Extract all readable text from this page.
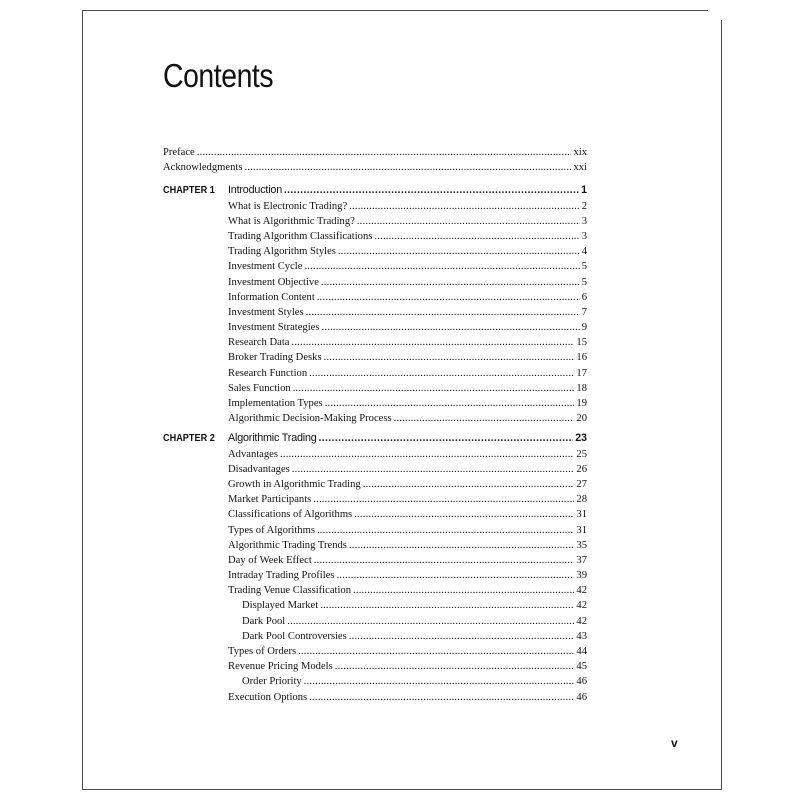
Contents
Preface .....	xix
Acknowledgments .....	xxi
CHAPTER 1	Introduction .....	1
What is Electronic Trading? .....	2
What is Algorithmic Trading? .....	3
Trading Algorithm Classifications .....	3
Trading Algorithm Styles .....	4
Investment Cycle .....	5
Investment Objective .....	5
Information Content .....	6
Investment Styles .....	7
Investment Strategies .....	9
Research Data .....	15
Broker Trading Desks .....	16
Research Function .....	17
Sales Function .....	18
Implementation Types .....	19
Algorithmic Decision-Making Process .....	20
CHAPTER 2	Algorithmic Trading .....	23
Advantages .....	25
Disadvantages .....	26
Growth in Algorithmic Trading .....	27
Market Participants .....	28
Classifications of Algorithms .....	31
Types of Algorithms .....	31
Algorithmic Trading Trends .....	35
Day of Week Effect .....	37
Intraday Trading Profiles .....	39
Trading Venue Classification .....	42
Displayed Market .....	42
Dark Pool .....	42
Dark Pool Controversies .....	43
Types of Orders .....	44
Revenue Pricing Models .....	45
Order Priority .....	46
Execution Options .....	46
v
